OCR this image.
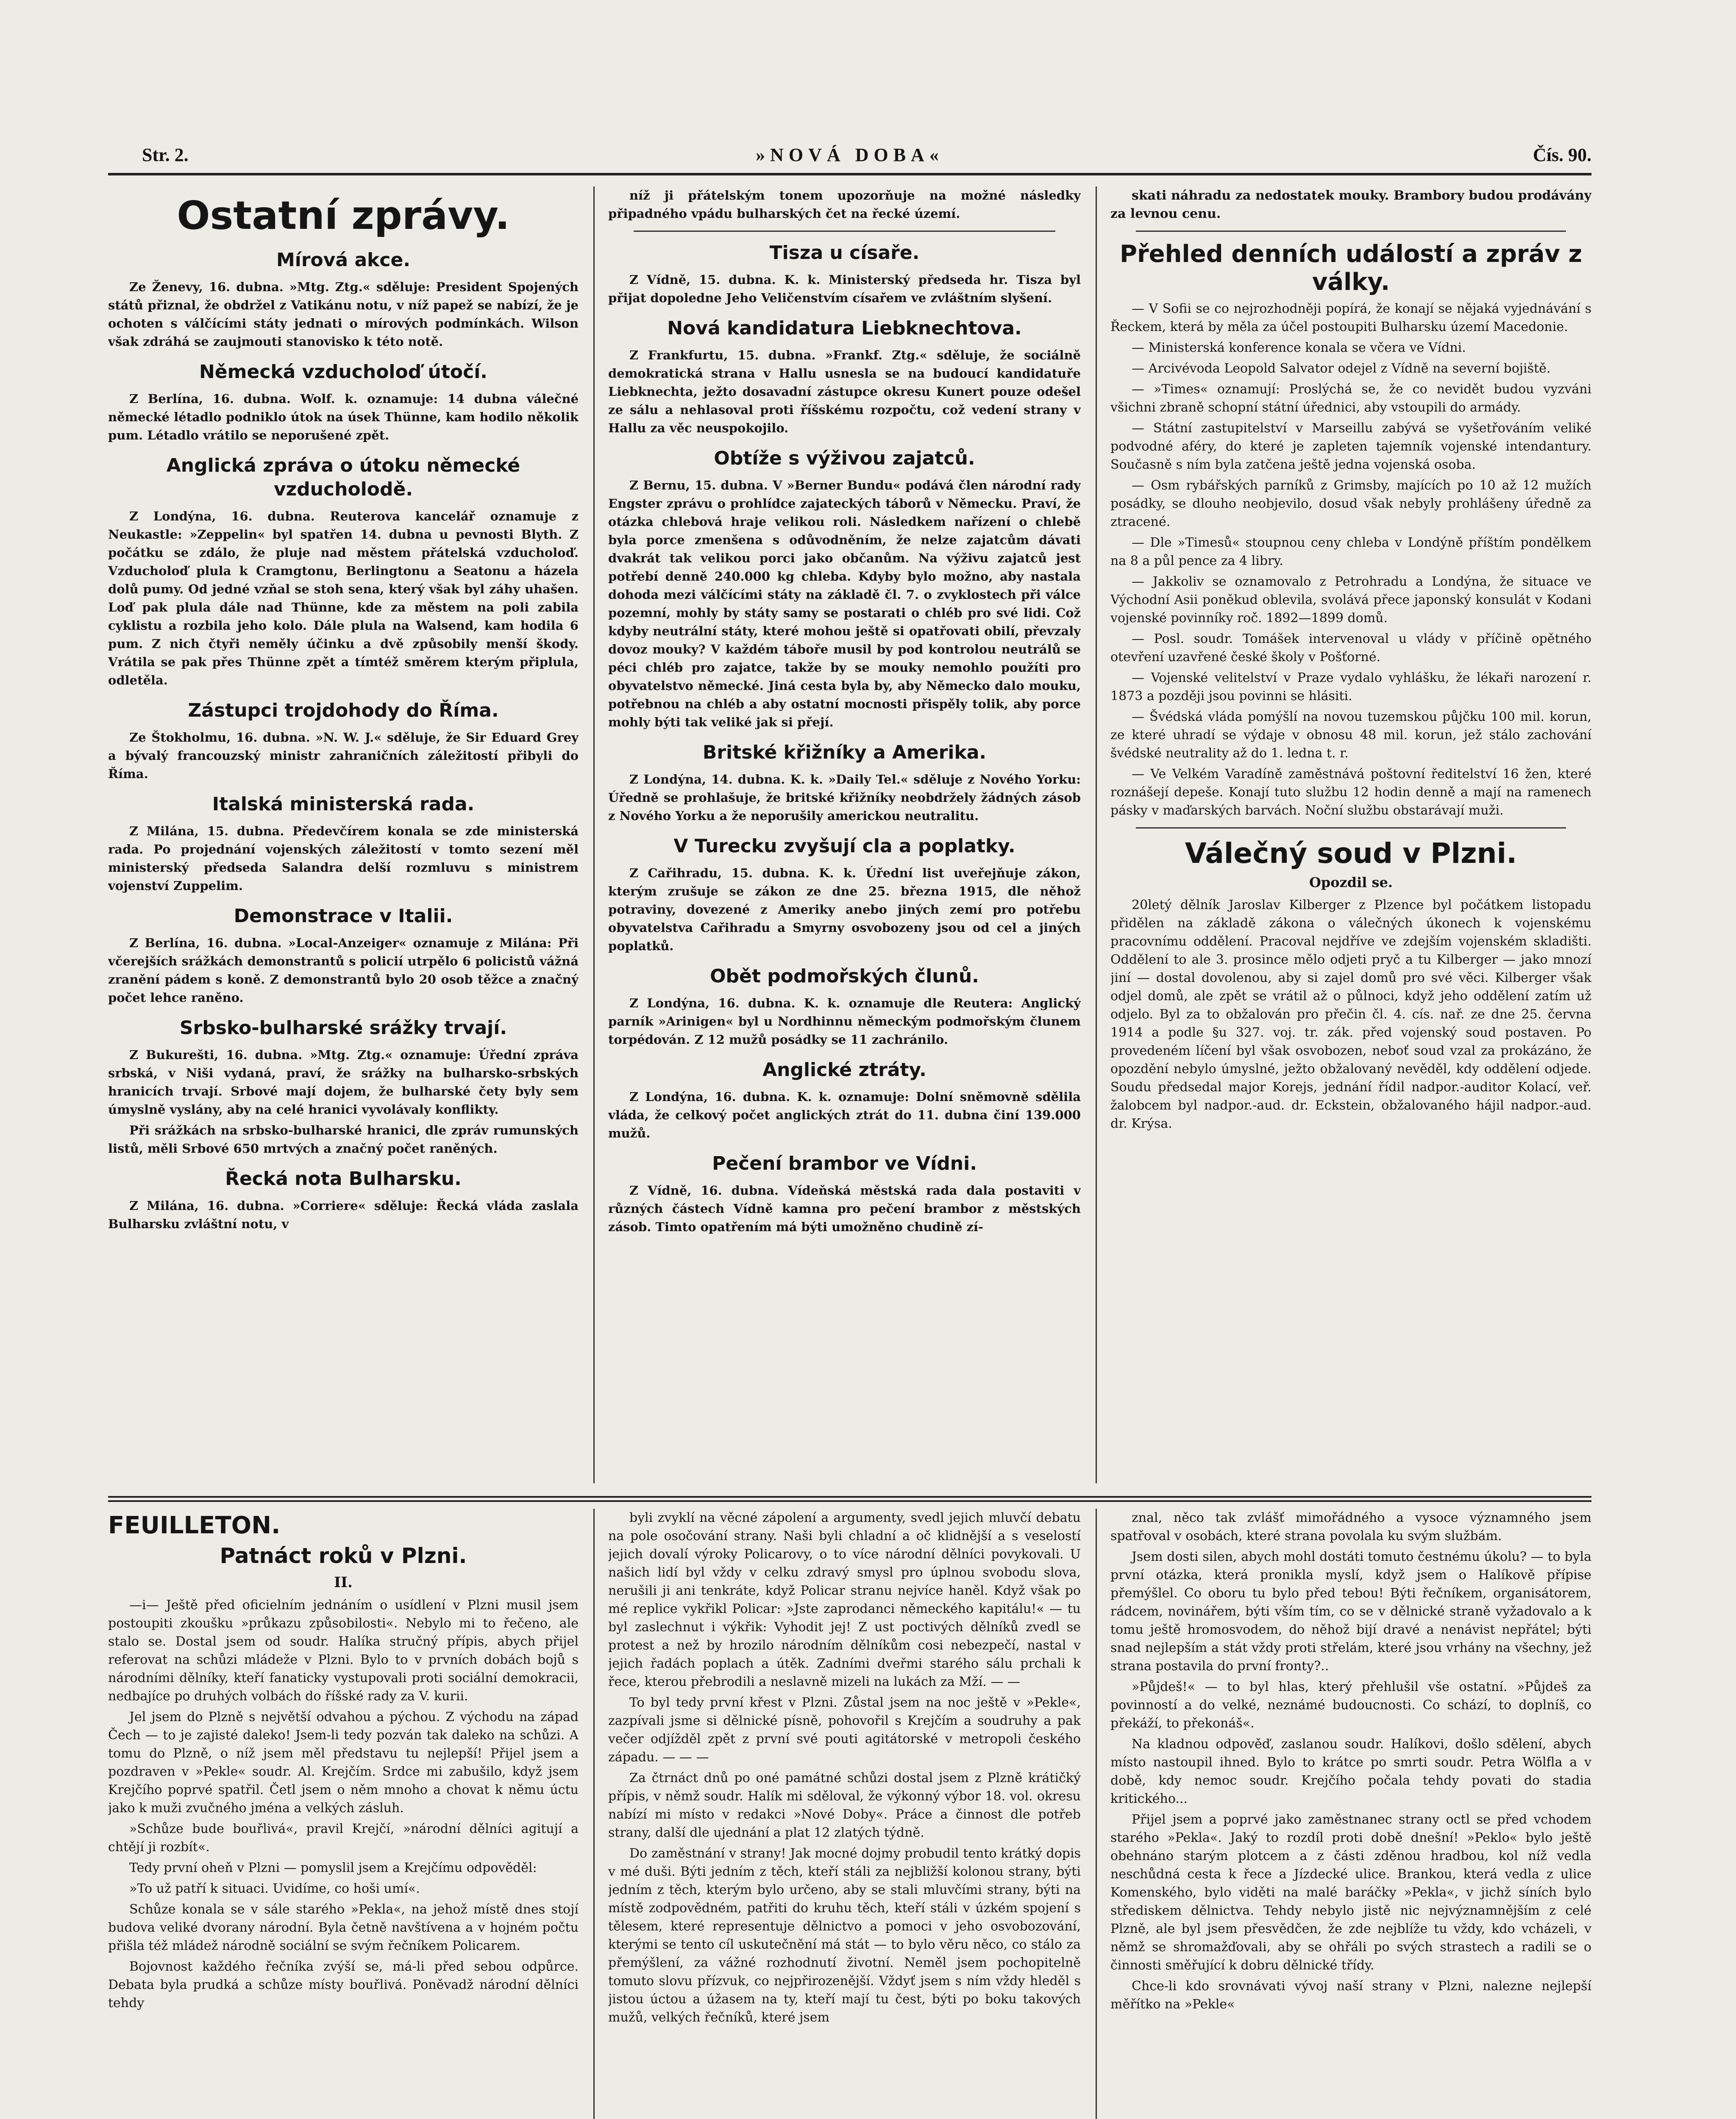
Str. 2.	»NOVÁ DOBA«	Čís. 90.
Ostatní zprávy.
Mírová akce.

Ze Ženevy, 16. dubna. »Mtg. Ztg.« sděluje: President Spojených států přiznal, že obdržel z Vatikánu notu, v níž papež se nabízí, že je ochoten s válčícími státy jednati o mírových podmínkách. Wilson však zdráhá se zaujmouti stanovisko k této notě.

Německá vzducholoď útočí.

Z Berlína, 16. dubna. Wolf. k. oznamuje: 14 dubna válečné německé létadlo podniklo útok na úsek Thünne, kam hodilo několik pum. Létadlo vrátilo se neporušené zpět.

Anglická zpráva o útoku německé vzducholodě.

Z Londýna, 16. dubna. Reuterova kancelář oznamuje z Neukastle: »Zeppelin« byl spatřen 14. dubna u pevnosti Blyth. Z počátku se zdálo, že pluje nad městem přátelská vzducholoď. Vzducholoď plula k Cramgtonu, Berlingtonu a Seatonu a házela dolů pumy. Od jedné vzňal se stoh sena, který však byl záhy uhašen. Loď pak plula dále nad Thünne, kde za městem na poli zabila cyklistu a rozbila jeho kolo. Dále plula na Walsend, kam hodila 6 pum. Z nich čtyři neměly účinku a dvě způsobily menší škody. Vrátila se pak přes Thünne zpět a tímtéž směrem kterým připlula, odletěla.

Zástupci trojdohody do Říma.

Ze Štokholmu, 16. dubna. »N. W. J.« sděluje, že Sir Eduard Grey a bývalý francouzský ministr zahraničních záležitostí přibyli do Říma.

Italská ministerská rada.

Z Milána, 15. dubna. Předevčírem konala se zde ministerská rada. Po projednání vojenských záležitostí v tomto sezení měl ministerský předseda Salandra delší rozmluvu s ministrem vojenství Zuppelim.

Demonstrace v Italii.

Z Berlína, 16. dubna. »Local-Anzeiger« oznamuje z Milána: Při včerejších srážkách demonstrantů s policií utrpělo 6 policistů vážná zranění pádem s koně. Z demonstrantů bylo 20 osob těžce a značný počet lehce raněno.

Srbsko-bulharské srážky trvají.

Z Bukurešti, 16. dubna. »Mtg. Ztg.« oznamuje: Úřední zpráva srbská, v Niši vydaná, praví, že srážky na bulharsko-srbských hranicích trvají. Srbové mají dojem, že bulharské čety byly sem úmyslně vyslány, aby na celé hranici vyvolávaly konflikty.

Při srážkách na srbsko-bulharské hranici, dle zpráv rumunských listů, měli Srbové 650 mrtvých a značný počet raněných.

Řecká nota Bulharsku.

Z Milána, 16. dubna. »Corriere« sděluje: Řecká vláda zaslala Bulharsku zvláštní notu, v

níž ji přátelským tonem upozorňuje na možné následky připadného vpádu bulharských čet na řecké území.

Tisza u císaře.

Z Vídně, 15. dubna. K. k. Ministerský předseda hr. Tisza byl přijat dopoledne Jeho Veličenstvím císařem ve zvláštním slyšení.

Nová kandidatura Liebknechtova.

Z Frankfurtu, 15. dubna. »Frankf. Ztg.« sděluje, že sociálně demokratická strana v Hallu usnesla se na budoucí kandidatuře Liebknechta, ježto dosavadní zástupce okresu Kunert pouze odešel ze sálu a nehlasoval proti říšskému rozpočtu, což vedení strany v Hallu za věc neuspokojilo.

Obtíže s výživou zajatců.

Z Bernu, 15. dubna. V »Berner Bundu« podává člen národní rady Engster zprávu o prohlídce zajateckých táborů v Německu. Praví, že otázka chlebová hraje velikou roli. Následkem nařízení o chlebě byla porce zmenšena s odůvodněním, že nelze zajatcům dávati dvakrát tak velikou porci jako občanům. Na výživu zajatců jest potřebí denně 240.000 kg chleba. Kdyby bylo možno, aby nastala dohoda mezi válčícími státy na základě čl. 7. o zvyklostech při válce pozemní, mohly by státy samy se postarati o chléb pro své lidi. Což kdyby neutrální státy, které mohou ještě si opatřovati obilí, převzaly dovoz mouky? V každém táboře musil by pod kontrolou neutrálů se péci chléb pro zajatce, takže by se mouky nemohlo použíti pro obyvatelstvo německé. Jiná cesta byla by, aby Německo dalo mouku, potřebnou na chléb a aby ostatní mocnosti přispěly tolik, aby porce mohly býti tak veliké jak si přejí.

Britské křižníky a Amerika.

Z Londýna, 14. dubna. K. k. »Daily Tel.« sděluje z Nového Yorku: Úředně se prohlašuje, že britské křižníky neobdržely žádných zásob z Nového Yorku a že neporušily americkou neutralitu.

V Turecku zvyšují cla a poplatky.

Z Cařihradu, 15. dubna. K. k. Úřední list uveřejňuje zákon, kterým zrušuje se zákon ze dne 25. března 1915, dle něhož potraviny, dovezené z Ameriky anebo jiných zemí pro potřebu obyvatelstva Cařihradu a Smyrny osvobozeny jsou od cel a jiných poplatků.

Obět podmořských člunů.

Z Londýna, 16. dubna. K. k. oznamuje dle Reutera: Anglický parník »Arinigen« byl u Nordhinnu německým podmořským člunem torpédován. Z 12 mužů posádky se 11 zachránilo.

Anglické ztráty.

Z Londýna, 16. dubna. K. k. oznamuje: Dolní sněmovně sdělila vláda, že celkový počet anglických ztrát do 11. dubna činí 139.000 mužů.

Pečení brambor ve Vídni.

Z Vídně, 16. dubna. Vídeňská městská rada dala postaviti v různých částech Vídně kamna pro pečení brambor z městských zásob. Timto opatřením má býti umožněno chudině zí-

skati náhradu za nedostatek mouky. Brambory budou prodávány za levnou cenu.

Přehled denních událostí a zpráv z války.

— V Sofii se co nejrozhodněji popírá, že konají se nějaká vyjednávání s Řeckem, která by měla za účel postoupiti Bulharsku území Macedonie.

— Ministerská konference konala se včera ve Vídni.

— Arcivévoda Leopold Salvator odejel z Vídně na severní bojiště.

— »Times« oznamují: Proslýchá se, že co nevidět budou vyzváni všichni zbraně schopní státní úřednici, aby vstoupili do armády.

— Státní zastupitelství v Marseillu zabývá se vyšetřováním veliké podvodné aféry, do které je zapleten tajemník vojenské intendantury. Současně s ním byla zatčena ještě jedna vojenská osoba.

— Osm rybářských parníků z Grimsby, majících po 10 až 12 mužích posádky, se dlouho neobjevilo, dosud však nebyly prohlášeny úředně za ztracené.

— Dle »Timesů« stoupnou ceny chleba v Londýně příštím pondělkem na 8 a půl pence za 4 libry.

— Jakkoliv se oznamovalo z Petrohradu a Londýna, že situace ve Východní Asii poněkud oblevila, svolává přece japonský konsulát v Kodani vojenské povinníky roč. 1892—1899 domů.

— Posl. soudr. Tomášek intervenoval u vlády v příčině opětného otevření uzavřené české školy v Pošťorné.

— Vojenské velitelství v Praze vydalo vyhlášku, že lékaři narození r. 1873 a později jsou povinni se hlásiti.

— Švédská vláda pomýšlí na novou tuzemskou půjčku 100 mil. korun, ze které uhradí se výdaje v obnosu 48 mil. korun, jež stálo zachování švédské neutrality až do 1. ledna t. r.

— Ve Velkém Varadíně zaměstnává poštovní ředitelství 16 žen, které roznášejí depeše. Konají tuto službu 12 hodin denně a mají na ramenech pásky v maďarských barvách. Noční službu obstarávají muži.

Válečný soud v Plzni.
Opozdil se.

20letý dělník Jaroslav Kilberger z Plzence byl počátkem listopadu přidělen na základě zákona o válečných úkonech k vojenskému pracovnímu oddělení. Pracoval nejdříve ve zdejším vojenském skladišti. Oddělení to ale 3. prosince mělo odjeti pryč a tu Kilberger — jako mnozí jiní — dostal dovolenou, aby si zajel domů pro své věci. Kilberger však odjel domů, ale zpět se vrátil až o půlnoci, když jeho oddělení zatím už odjelo. Byl za to obžalován pro přečin čl. 4. cís. nař. ze dne 25. června 1914 a podle §u 327. voj. tr. zák. před vojenský soud postaven. Po provedeném líčení byl však osvobozen, neboť soud vzal za prokázáno, že opozdění nebylo úmyslné, ježto obžalovaný nevěděl, kdy oddělení odjede. Soudu předsedal major Korejs, jednání řídil nadpor.-auditor Kolací, veř. žalobcem byl nadpor.-aud. dr. Eckstein, obžalovaného hájil nadpor.-aud. dr. Krýsa.

FEUILLETON.
Patnáct roků v Plzni.
II.

—i— Ještě před oficielním jednáním o usídlení v Plzni musil jsem postoupiti zkoušku »průkazu způsobilosti«. Nebylo mi to řečeno, ale stalo se. Dostal jsem od soudr. Halíka stručný přípis, abych přijel referovat na schůzi mládeže v Plzni. Bylo to v prvních dobách bojů s národními dělníky, kteří fanaticky vystupovali proti sociální demokracii, nedbajíce po druhých volbách do říšské rady za V. kurii.

Jel jsem do Plzně s největší odvahou a pýchou. Z východu na západ Čech — to je zajisté daleko! Jsem-li tedy pozván tak daleko na schůzi. A tomu do Plzně, o níž jsem měl představu tu nejlepší! Přijel jsem a pozdraven v »Pekle« soudr. Al. Krejčím. Srdce mi zabušilo, když jsem Krejčího poprvé spatřil. Četl jsem o něm mnoho a chovat k němu úctu jako k muži zvučného jména a velkých zásluh.

»Schůze bude bouřlivá«, pravil Krejčí, »národní dělníci agitují a chtějí ji rozbít«.

Tedy první oheň v Plzni — pomyslil jsem a Krejčímu odpověděl:

»To už patří k situaci. Uvidíme, co hoši umí«.

Schůze konala se v sále starého »Pekla«, na jehož místě dnes stojí budova veliké dvorany národní. Byla četně navštívena a v hojném počtu přišla též mládež národně sociální se svým řečníkem Policarem.

Bojovnost každého řečníka zvýší se, má-li před sebou odpůrce. Debata byla prudká a schůze místy bouřlivá. Poněvadž národní dělníci tehdy

byli zvyklí na věcné zápolení a argumenty, svedl jejich mluvčí debatu na pole osočování strany. Naši byli chladní a oč klidnější a s veselostí jejich dovalí výroky Policarovy, o to více národní dělníci povykovali. U našich lidí byl vždy v celku zdravý smysl pro úplnou svobodu slova, nerušili ji ani tenkráte, když Policar stranu nejvíce haněl. Když však po mé replice vykřikl Policar: »Jste zaprodanci německého kapitálu!« — tu byl zaslechnut i výkřik: Vyhodit jej! Z ust poctivých dělníků zvedl se protest a než by hrozilo národním dělníkům cosi nebezpečí, nastal v jejich řadách poplach a útěk. Zadními dveřmi starého sálu prchali k řece, kterou přebrodili a neslavně mizeli na lukách za Mží. — —

To byl tedy první křest v Plzni. Zůstal jsem na noc ještě v »Pekle«, zazpívali jsme si dělnické písně, pohovořil s Krejčím a soudruhy a pak večer odjížděl zpět z první své pouti agitátorské v metropoli českého západu. — — —

Za čtrnáct dnů po oné památné schůzi dostal jsem z Plzně krátičký přípis, v němž soudr. Halík mi sděloval, že výkonný výbor 18. vol. okresu nabízí mi místo v redakci »Nové Doby«. Práce a činnost dle potřeb strany, další dle ujednání a plat 12 zlatých týdně.

Do zaměstnání v strany! Jak mocné dojmy probudil tento krátký dopis v mé duši. Býti jedním z těch, kteří stáli za nejbližší kolonou strany, býti jedním z těch, kterým bylo určeno, aby se stali mluvčími strany, býti na místě zodpovědném, patřiti do kruhu těch, kteří stáli v úzkém spojení s tělesem, které representuje dělnictvo a pomoci v jeho osvobozování, kterými se tento cíl uskutečnění má stát — to bylo věru něco, co stálo za přemýšlení, za vážné rozhodnutí životní. Neměl jsem pochopitelně tomuto slovu přízvuk, co nejpřirozenější. Vždyť jsem s ním vždy hleděl s jistou úctou a úžasem na ty, kteří mají tu čest, býti po boku takových mužů, velkých řečníků, které jsem

znal, něco tak zvlášť mimořádného a vysoce významného jsem spatřoval v osobách, které strana povolala ku svým službám.

Jsem dosti silen, abych mohl dostáti tomuto čestnému úkolu? — to byla první otázka, která pronikla myslí, když jsem o Halíkově přípise přemýšlel. Co oboru tu bylo před tebou! Býti řečníkem, organisátorem, rádcem, novinářem, býti vším tím, co se v dělnické straně vyžadovalo a k tomu ještě hromosvodem, do něhož bijí dravé a nenávist nepřátel; býti snad nejlepším a stát vždy proti střelám, které jsou vrhány na všechny, jež strana postavila do první fronty?..

»Půjdeš!« — to byl hlas, který přehlušil vše ostatní. »Půjdeš za povinností a do velké, neznámé budoucnosti. Co schází, to doplníš, co překáží, to překonáš«.

Na kladnou odpověď, zaslanou soudr. Halíkovi, došlo sdělení, abych místo nastoupil ihned. Bylo to krátce po smrti soudr. Petra Wölfla a v době, kdy nemoc soudr. Krejčího počala tehdy povati do stadia kritického...

Přijel jsem a poprvé jako zaměstnanec strany octl se před vchodem starého »Pekla«. Jaký to rozdíl proti době dnešní! »Peklo« bylo ještě obehnáno starým plotcem a z části zděnou hradbou, kol níž vedla neschůdná cesta k řece a Jízdecké ulice. Brankou, která vedla z ulice Komenského, bylo viděti na malé baráčky »Pekla«, v jichž síních bylo střediskem dělnictva. Tehdy nebylo jistě nic nejvýznamnějším z celé Plzně, ale byl jsem přesvědčen, že zde nejblíže tu vždy, kdo vcházeli, v němž se shromažďovali, aby se ohřáli po svých strastech a radili se o činnosti směřující k dobru dělnické třídy.

Chce-li kdo srovnávati vývoj naší strany v Plzni, nalezne nejlepší měřítko na »Pekle«
